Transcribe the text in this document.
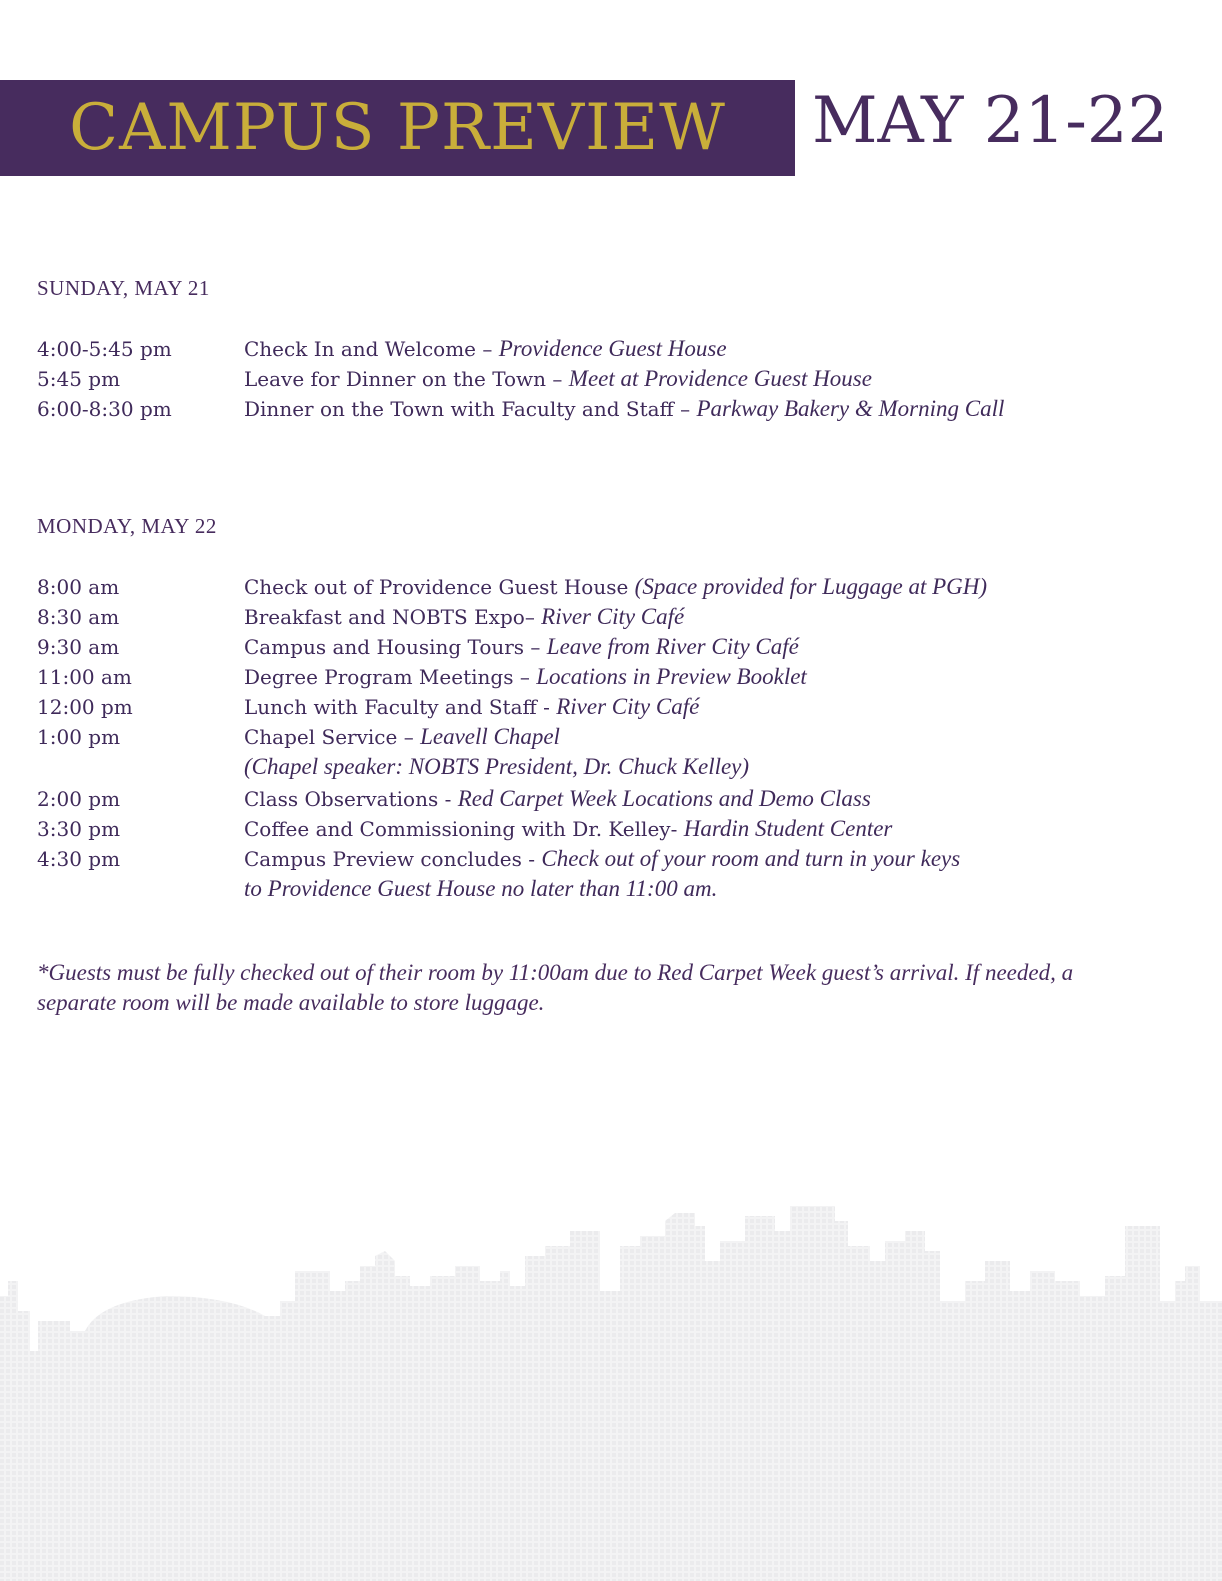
CAMPUS PREVIEW MAY 21-22
SUNDAY, MAY 21
4:00-5:45 pm	Check In and Welcome – Providence Guest House
5:45 pm	Leave for Dinner on the Town – Meet at Providence Guest House
6:00-8:30 pm	Dinner on the Town with Faculty and Staff – Parkway Bakery & Morning Call
MONDAY, MAY 22
8:00 am	Check out of Providence Guest House (Space provided for Luggage at PGH)
8:30 am	Breakfast and NOBTS Expo– River City Café
9:30 am	Campus and Housing Tours – Leave from River City Café
11:00 am	Degree Program Meetings – Locations in Preview Booklet
12:00 pm	Lunch with Faculty and Staff - River City Café
1:00 pm	Chapel Service – Leavell Chapel
(Chapel speaker: NOBTS President, Dr. Chuck Kelley)
2:00 pm	Class Observations - Red Carpet Week Locations and Demo Class
3:30 pm	Coffee and Commissioning with Dr. Kelley- Hardin Student Center
4:30 pm	Campus Preview concludes - Check out of your room and turn in your keys
to Providence Guest House no later than 11:00 am.
*Guests must be fully checked out of their room by 11:00am due to Red Carpet Week guest’s arrival. If needed, a separate room will be made available to store luggage.
